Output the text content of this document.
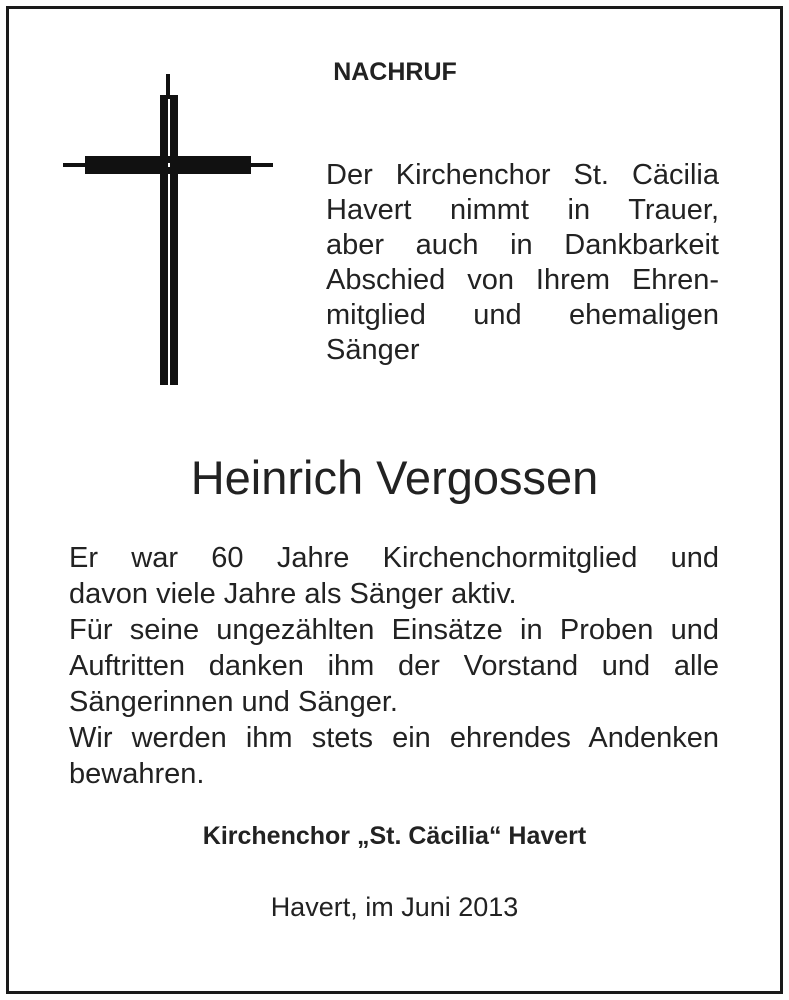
NACHRUF
Der Kirchenchor St. Cäcilia
Havert nimmt in Trauer,
aber auch in Dankbarkeit
Abschied von Ihrem Ehren-
mitglied und ehemaligen
Sänger
Heinrich Vergossen
Er war 60 Jahre Kirchenchormitglied und
davon viele Jahre als Sänger aktiv.
Für seine ungezählten Einsätze in Proben und
Auftritten danken ihm der Vorstand und alle
Sängerinnen und Sänger.
Wir werden ihm stets ein ehrendes Andenken
bewahren.
Kirchenchor „St. Cäcilia“ Havert
Havert, im Juni 2013
